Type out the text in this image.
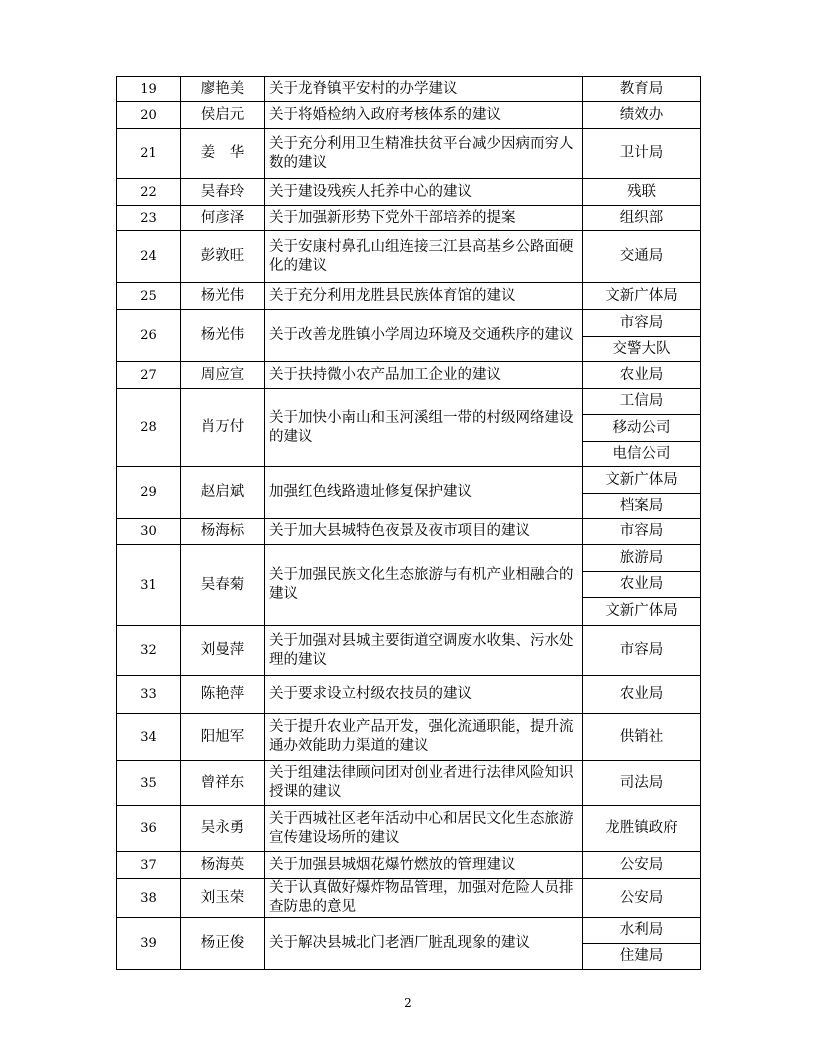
19	廖艳美	关于龙脊镇平安村的办学建议	教育局
20	侯启元	关于将婚检纳入政府考核体系的建议	绩效办
21	姜　华	关于充分利用卫生精准扶贫平台减少因病而穷人数的建议	卫计局
22	吴春玲	关于建设残疾人托养中心的建议	残联
23	何彦泽	关于加强新形势下党外干部培养的提案	组织部
24	彭敦旺	关于安康村鼻孔山组连接三江县高基乡公路面硬化的建议	交通局
25	杨光伟	关于充分利用龙胜县民族体育馆的建议	文新广体局
26	杨光伟	关于改善龙胜镇小学周边环境及交通秩序的建议	市容局
			交警大队
27	周应宣	关于扶持微小农产品加工企业的建议	农业局
28	肖万付	关于加快小南山和玉河溪组一带的村级网络建设的建议	工信局
			移动公司
			电信公司
29	赵启斌	加强红色线路遗址修复保护建议	文新广体局
			档案局
30	杨海标	关于加大县城特色夜景及夜市项目的建议	市容局
31	吴春菊	关于加强民族文化生态旅游与有机产业相融合的建议	旅游局
			农业局
			文新广体局
32	刘曼萍	关于加强对县城主要街道空调废水收集、污水处理的建议	市容局
33	陈艳萍	关于要求设立村级农技员的建议	农业局
34	阳旭军	关于提升农业产品开发，强化流通职能，提升流通办效能助力渠道的建议	供销社
35	曾祥东	关于组建法律顾问团对创业者进行法律风险知识授课的建议	司法局
36	吴永勇	关于西城社区老年活动中心和居民文化生态旅游宣传建设场所的建议	龙胜镇政府
37	杨海英	关于加强县城烟花爆竹燃放的管理建议	公安局
38	刘玉荣	关于认真做好爆炸物品管理，加强对危险人员排查防患的意见	公安局
39	杨正俊	关于解决县城北门老酒厂脏乱现象的建议	水利局
			住建局
2
